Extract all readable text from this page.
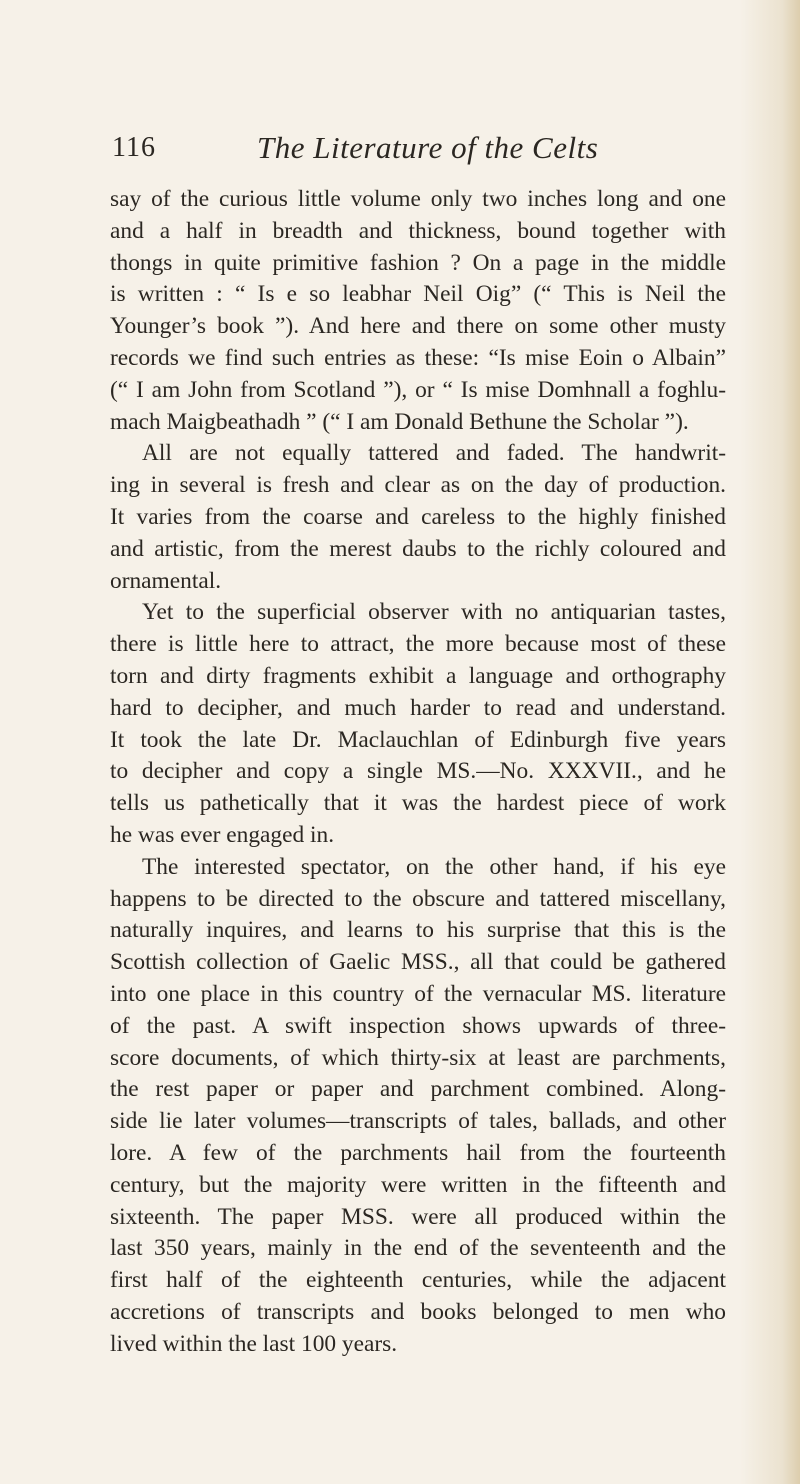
116	The Literature of the Celts
say of the curious little volume only two inches long and one
and a half in breadth and thickness, bound together with
thongs in quite primitive fashion ? On a page in the middle
is written : “ Is e so leabhar Neil Oig” (“ This is Neil the
Younger’s book ”). And here and there on some other musty
records we find such entries as these: “Is mise Eoin o Albain”
(“ I am John from Scotland ”), or “ Is mise Domhnall a foghlu-
mach Maigbeathadh ” (“ I am Donald Bethune the Scholar ”).
All are not equally tattered and faded. The handwrit-
ing in several is fresh and clear as on the day of production.
It varies from the coarse and careless to the highly finished
and artistic, from the merest daubs to the richly coloured and
ornamental.
Yet to the superficial observer with no antiquarian tastes,
there is little here to attract, the more because most of these
torn and dirty fragments exhibit a language and orthography
hard to decipher, and much harder to read and understand.
It took the late Dr. Maclauchlan of Edinburgh five years
to decipher and copy a single MS.—No. XXXVII., and he
tells us pathetically that it was the hardest piece of work
he was ever engaged in.
The interested spectator, on the other hand, if his eye
happens to be directed to the obscure and tattered miscellany,
naturally inquires, and learns to his surprise that this is the
Scottish collection of Gaelic MSS., all that could be gathered
into one place in this country of the vernacular MS. literature
of the past. A swift inspection shows upwards of three-
score documents, of which thirty-six at least are parchments,
the rest paper or paper and parchment combined. Along-
side lie later volumes—transcripts of tales, ballads, and other
lore. A few of the parchments hail from the fourteenth
century, but the majority were written in the fifteenth and
sixteenth. The paper MSS. were all produced within the
last 350 years, mainly in the end of the seventeenth and the
first half of the eighteenth centuries, while the adjacent
accretions of transcripts and books belonged to men who
lived within the last 100 years.
